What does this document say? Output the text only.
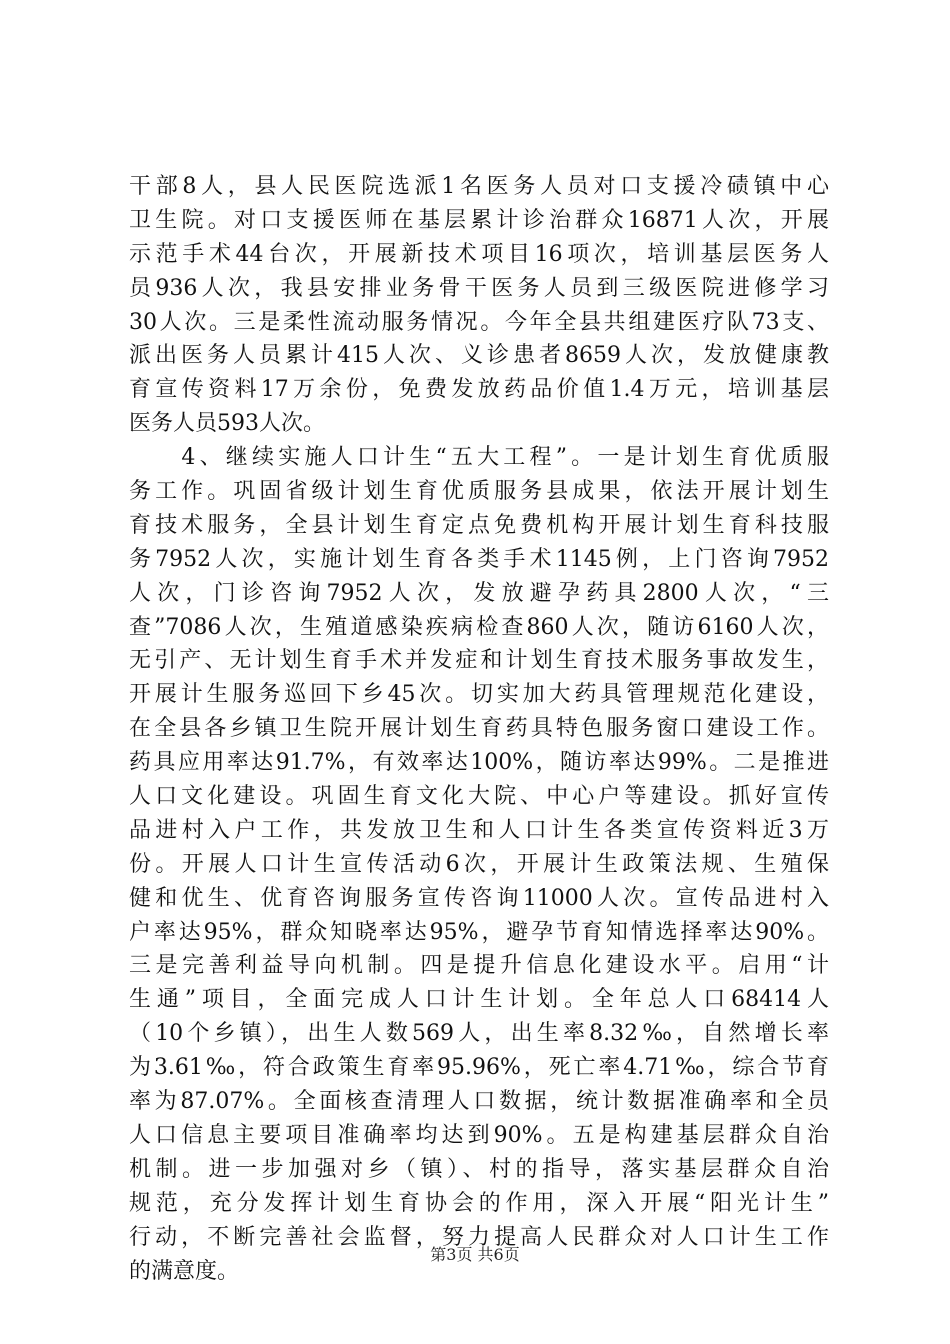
干部8人，县人民医院选派1名医务人员对口支援冷碛镇中心
卫生院。对口支援医师在基层累计诊治群众16871人次，开展
示范手术44台次，开展新技术项目16项次，培训基层医务人
员936人次，我县安排业务骨干医务人员到三级医院进修学习
30人次。三是柔性流动服务情况。今年全县共组建医疗队73支、
派出医务人员累计415人次、义诊患者8659人次，发放健康教
育宣传资料17万余份，免费发放药品价值1.4万元，培训基层
医务人员593人次。
　　4、继续实施人口计生“五大工程”。一是计划生育优质服
务工作。巩固省级计划生育优质服务县成果，依法开展计划生
育技术服务，全县计划生育定点免费机构开展计划生育科技服
务7952人次，实施计划生育各类手术1145例，上门咨询7952
人次，门诊咨询7952人次，发放避孕药具2800人次，“三
查”7086人次，生殖道感染疾病检查860人次，随访6160人次，
无引产、无计划生育手术并发症和计划生育技术服务事故发生，
开展计生服务巡回下乡45次。切实加大药具管理规范化建设，
在全县各乡镇卫生院开展计划生育药具特色服务窗口建设工作。
药具应用率达91.7%，有效率达100%，随访率达99%。二是推进
人口文化建设。巩固生育文化大院、中心户等建设。抓好宣传
品进村入户工作，共发放卫生和人口计生各类宣传资料近3万
份。开展人口计生宣传活动6次，开展计生政策法规、生殖保
健和优生、优育咨询服务宣传咨询11000人次。宣传品进村入
户率达95%，群众知晓率达95%，避孕节育知情选择率达90%。
三是完善利益导向机制。四是提升信息化建设水平。启用“计
生通”项目，全面完成人口计生计划。全年总人口68414人
（10个乡镇），出生人数569人，出生率8.32‰，自然增长率
为3.61‰，符合政策生育率95.96%，死亡率4.71‰，综合节育
率为87.07%。全面核查清理人口数据，统计数据准确率和全员
人口信息主要项目准确率均达到90%。五是构建基层群众自治
机制。进一步加强对乡（镇）、村的指导，落实基层群众自治
规范，充分发挥计划生育协会的作用，深入开展“阳光计生”
行动，不断完善社会监督，努力提高人民群众对人口计生工作
的满意度。
第3页 共6页
